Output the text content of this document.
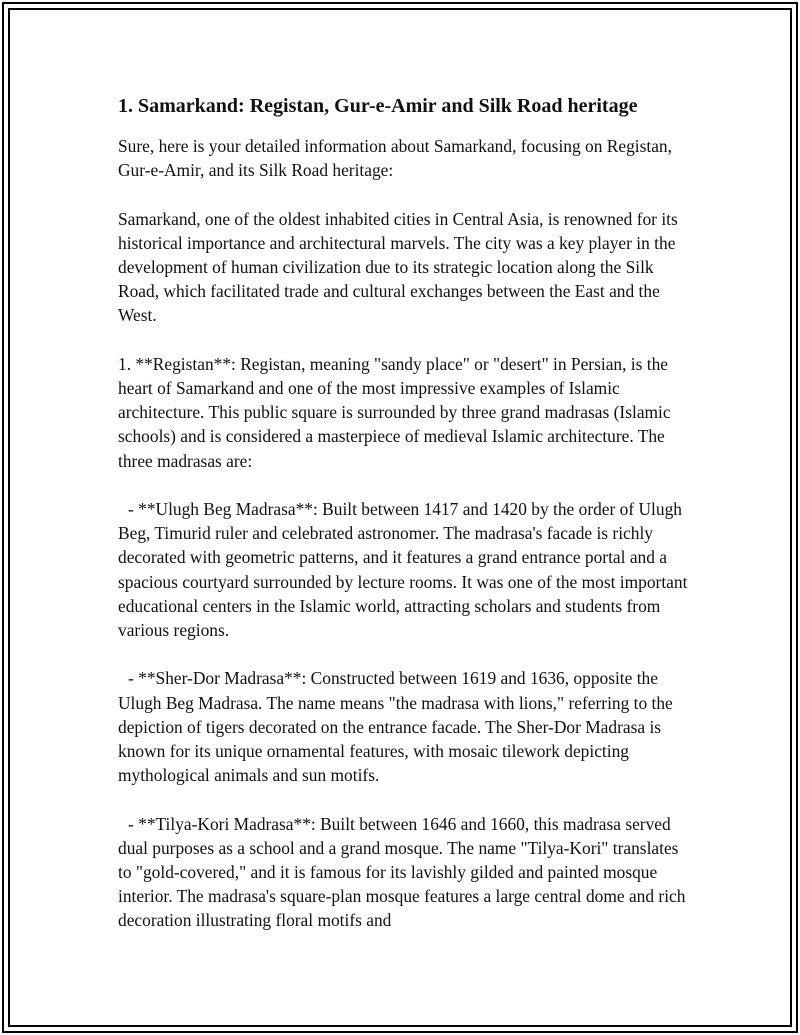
1. Samarkand: Registan, Gur-e-Amir and Silk Road heritage

Sure, here is your detailed information about Samarkand, focusing on Registan, Gur-e-Amir, and its Silk Road heritage:

Samarkand, one of the oldest inhabited cities in Central Asia, is renowned for its historical importance and architectural marvels. The city was a key player in the development of human civilization due to its strategic location along the Silk Road, which facilitated trade and cultural exchanges between the East and the West.

1. **Registan**: Registan, meaning "sandy place" or "desert" in Persian, is the heart of Samarkand and one of the most impressive examples of Islamic architecture. This public square is surrounded by three grand madrasas (Islamic schools) and is considered a masterpiece of medieval Islamic architecture. The three madrasas are:

- **Ulugh Beg Madrasa**: Built between 1417 and 1420 by the order of Ulugh Beg, Timurid ruler and celebrated astronomer. The madrasa's facade is richly decorated with geometric patterns, and it features a grand entrance portal and a spacious courtyard surrounded by lecture rooms. It was one of the most important educational centers in the Islamic world, attracting scholars and students from various regions.

- **Sher-Dor Madrasa**: Constructed between 1619 and 1636, opposite the Ulugh Beg Madrasa. The name means "the madrasa with lions," referring to the depiction of tigers decorated on the entrance facade. The Sher-Dor Madrasa is known for its unique ornamental features, with mosaic tilework depicting mythological animals and sun motifs.

- **Tilya-Kori Madrasa**: Built between 1646 and 1660, this madrasa served dual purposes as a school and a grand mosque. The name "Tilya-Kori" translates to "gold-covered," and it is famous for its lavishly gilded and painted mosque interior. The madrasa's square-plan mosque features a large central dome and rich decoration illustrating floral motifs and
